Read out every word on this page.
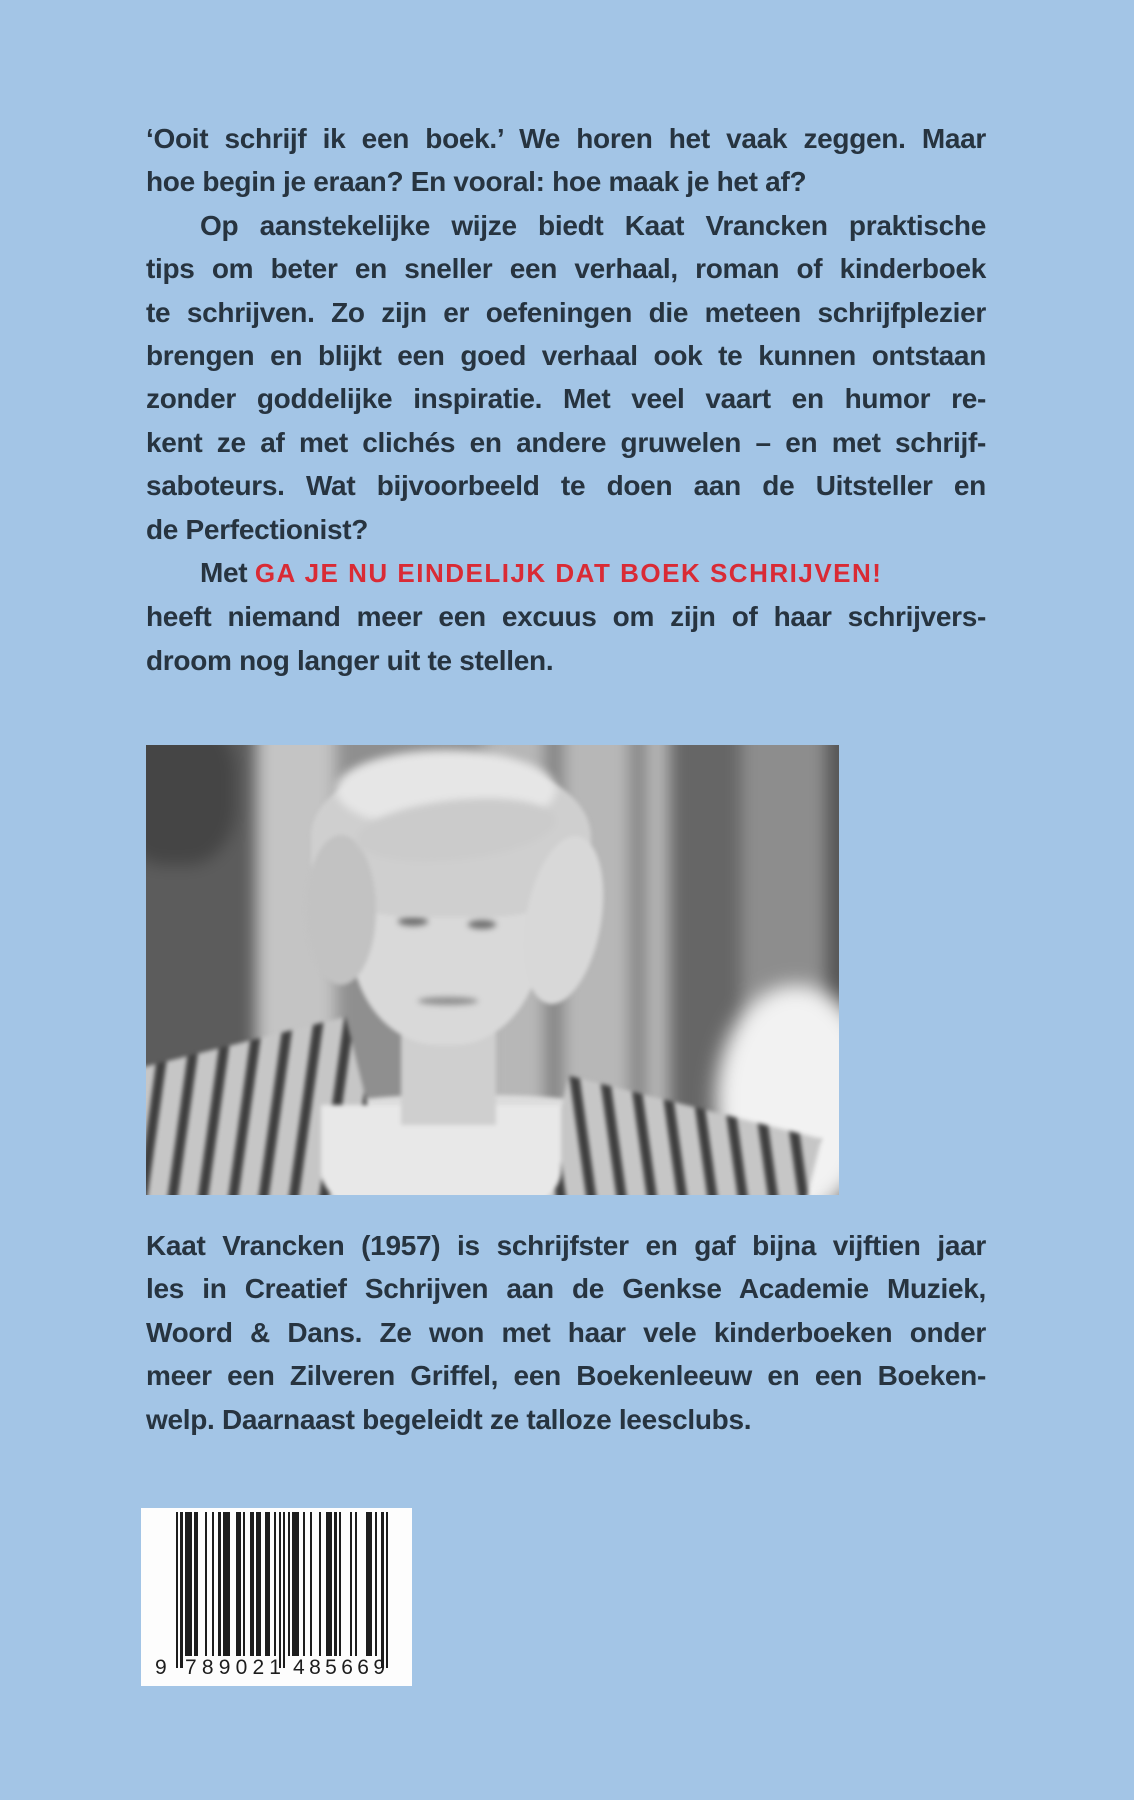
‘Ooit schrijf ik een boek.’ We horen het vaak zeggen. Maar
hoe begin je eraan? En vooral: hoe maak je het af?
Op aanstekelijke wijze biedt Kaat Vrancken praktische
tips om beter en sneller een verhaal, roman of kinderboek
te schrijven. Zo zijn er oefeningen die meteen schrijfplezier
brengen en blijkt een goed verhaal ook te kunnen ontstaan
zonder goddelijke inspiratie. Met veel vaart en humor re-
kent ze af met clichés en andere gruwelen – en met schrijf-
saboteurs. Wat bijvoorbeeld te doen aan de Uitsteller en
de Perfectionist?
Met GA JE NU EINDELIJK DAT BOEK SCHRIJVEN!
heeft niemand meer een excuus om zijn of haar schrijvers-
droom nog langer uit te stellen.
Kaat Vrancken (1957) is schrijfster en gaf bijna vijftien jaar
les in Creatief Schrijven aan de Genkse Academie Muziek,
Woord & Dans. Ze won met haar vele kinderboeken onder
meer een Zilveren Griffel, een Boekenleeuw en een Boeken-
welp. Daarnaast begeleidt ze talloze leesclubs.
9 7 8 9 0 2 1 4 8 5 6 6 9
